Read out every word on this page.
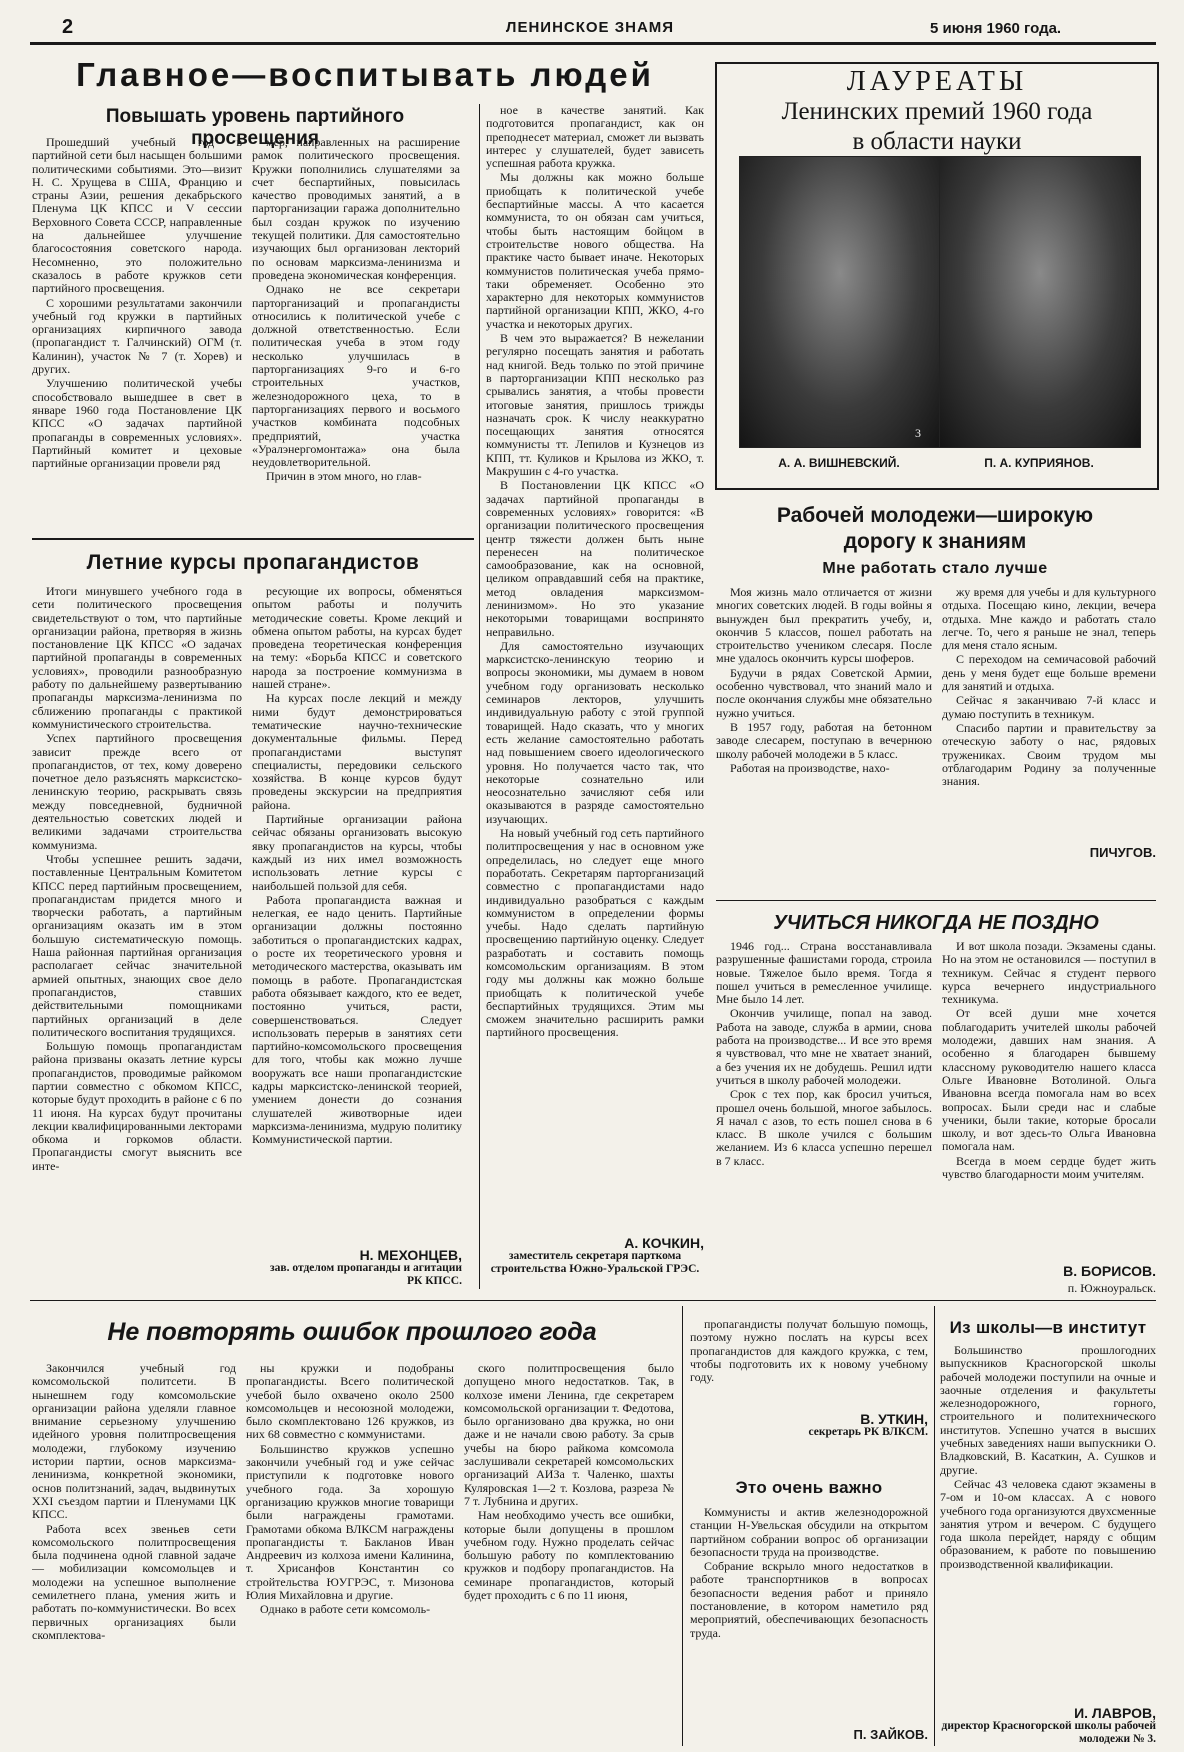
2	ЛЕНИНСКОЕ ЗНАМЯ	5 июня 1960 года.
Главное—воспитывать людей
Повышать уровень партийного просвещения

Прошедший учебный год в партийной сети был насыщен большими политическими событиями. Это—визит Н. С. Хрущева в США, Францию и страны Азии, решения декабрьского Пленума ЦК КПСС и V сессии Верховного Совета СССР, направленные на дальнейшее улучшение благосостояния советского народа. Несомненно, это положительно сказалось в работе кружков сети партийного просвещения.

С хорошими результатами закончили учебный год кружки в партийных организациях кирпичного завода (пропагандист т. Галчинский) ОГМ (т. Калинин), участок № 7 (т. Хорев) и других.

Улучшению политической учебы способствовало вышедшее в свет в январе 1960 года Постановление ЦК КПСС «О задачах партийной пропаганды в современных условиях». Партийный комитет и цеховые партийные организации провели ряд

мер, направленных на расширение рамок политического просвещения. Кружки пополнились слушателями за счет беспартийных, повысилась качество проводимых занятий, а в парторганизации гаража дополнительно был создан кружок по изучению текущей политики. Для самостоятельно изучающих был организован лекторий по основам марксизма-ленинизма и проведена экономическая конференция.

Однако не все секретари парторганизаций и пропагандисты относились к политической учебе с должной ответственностью. Если политическая учеба в этом году несколько улучшилась в парторганизациях 9-го и 6-го строительных участков, железнодорожного цеха, то в парторганизациях первого и восьмого участков комбината подсобных предприятий, участка «Уралэнергомонтажа» она была неудовлетворительной.

Причин в этом много, но глав-

ное в качестве занятий. Как подготовится пропагандист, как он преподнесет материал, сможет ли вызвать интерес у слушателей, будет зависеть успешная работа кружка.

Мы должны как можно больше приобщать к политической учебе беспартийные массы. А что касается коммуниста, то он обязан сам учиться, чтобы быть настоящим бойцом в строительстве нового общества. На практике часто бывает иначе. Некоторых коммунистов политическая учеба прямо-таки обременяет. Особенно это характерно для некоторых коммунистов партийной организации КПП, ЖКО, 4-го участка и некоторых других.

В чем это выражается? В нежелании регулярно посещать занятия и работать над книгой. Ведь только по этой причине в парторганизации КПП несколько раз срывались занятия, а чтобы провести итоговые занятия, пришлось трижды назначать срок. К числу неаккуратно посещающих занятия относятся коммунисты тт. Лепилов и Кузнецов из КПП, тт. Куликов и Крылова из ЖКО, т. Макрушин с 4-го участка.

В Постановлении ЦК КПСС «О задачах партийной пропаганды в современных условиях» говорится: «В организации политического просвещения центр тяжести должен быть ныне перенесен на политическое самообразование, как на основной, целиком оправдавший себя на практике, метод овладения марксизмом-ленинизмом». Но это указание некоторыми товарищами воспринято неправильно.

Для самостоятельно изучающих марксистско-ленинскую теорию и вопросы экономики, мы думаем в новом учебном году организовать несколько семинаров лекторов, улучшить индивидуальную работу с этой группой товарищей. Надо сказать, что у многих есть желание самостоятельно работать над повышением своего идеологического уровня. Но получается часто так, что некоторые сознательно или неосознательно зачисляют себя или оказываются в разряде самостоятельно изучающих.

На новый учебный год сеть партийного политпросвещения у нас в основном уже определилась, но следует еще много поработать. Секретарям парторганизаций совместно с пропагандистами надо индивидуально разобраться с каждым коммунистом в определении формы учебы. Надо сделать партийную просвещению партийную оценку. Следует разработать и составить помощь комсомольским организациям. В этом году мы должны как можно больше приобщать к политической учебе беспартийных трудящихся. Этим мы сможем значительно расширить рамки партийного просвещения.

А. КОЧКИН,

заместитель секретаря парткома строительства Южно-Уральской ГРЭС.

Летние курсы пропагандистов

Итоги минувшего учебного года в сети политического просвещения свидетельствуют о том, что партийные организации района, претворяя в жизнь постановление ЦК КПСС «О задачах партийной пропаганды в современных условиях», проводили разнообразную работу по дальнейшему развертыванию пропаганды марксизма-ленинизма по сближению пропаганды с практикой коммунистического строительства.

Успех партийного просвещения зависит прежде всего от пропагандистов, от тех, кому доверено почетное дело разъяснять марксистско-ленинскую теорию, раскрывать связь между повседневной, будничной деятельностью советских людей и великими задачами строительства коммунизма.

Чтобы успешнее решить задачи, поставленные Центральным Комитетом КПСС перед партийным просвещением, пропагандистам придется много и творчески работать, а партийным организациям оказать им в этом большую систематическую помощь. Наша районная партийная организация располагает сейчас значительной армией опытных, знающих свое дело пропагандистов, ставших действительными помощниками партийных организаций в деле политического воспитания трудящихся.

Большую помощь пропагандистам района призваны оказать летние курсы пропагандистов, проводимые райкомом партии совместно с обкомом КПСС, которые будут проходить в районе с 6 по 11 июня. На курсах будут прочитаны лекции квалифицированными лекторами обкома и горкомов области. Пропагандисты смогут выяснить все инте-

ресующие их вопросы, обменяться опытом работы и получить методические советы. Кроме лекций и обмена опытом работы, на курсах будет проведена теоретическая конференция на тему: «Борьба КПСС и советского народа за построение коммунизма в нашей стране».

На курсах после лекций и между ними будут демонстрироваться тематические научно-технические документальные фильмы. Перед пропагандистами выступят специалисты, передовики сельского хозяйства. В конце курсов будут проведены экскурсии на предприятия района.

Партийные организации района сейчас обязаны организовать высокую явку пропагандистов на курсы, чтобы каждый из них имел возможность использовать летние курсы с наибольшей пользой для себя.

Работа пропагандиста важная и нелегкая, ее надо ценить. Партийные организации должны постоянно заботиться о пропагандистских кадрах, о росте их теоретического уровня и методического мастерства, оказывать им помощь в работе. Пропагандистская работа обязывает каждого, кто ее ведет, постоянно учиться, расти, совершенствоваться. Следует использовать перерыв в занятиях сети партийно-комсомольского просвещения для того, чтобы как можно лучше вооружать все наши пропагандистские кадры марксистско-ленинской теорией, умением донести до сознания слушателей животворные идеи марксизма-ленинизма, мудрую политику Коммунистической партии.

Н. МЕХОНЦЕВ,

зав. отделом пропаганды и агитации РК КПСС.

ЛАУРЕАТЫ
Ленинских премий 1960 года
в области науки
3
А. А. ВИШНЕВСКИЙ.	П. А. КУПРИЯНОВ.
Рабочей молодежи—широкую
дорогу к знаниям
Мне работать стало лучше

Моя жизнь мало отличается от жизни многих советских людей. В годы войны я вынужден был прекратить учебу, и, окончив 5 классов, пошел работать на строительство учеником слесаря. После мне удалось окончить курсы шоферов.

Будучи в рядах Советской Армии, особенно чувствовал, что знаний мало и после окончания службы мне обязательно нужно учиться.

В 1957 году, работая на бетонном заводе слесарем, поступаю в вечернюю школу рабочей молодежи в 5 класс.

Работая на производстве, нахо-

жу время для учебы и для культурного отдыха. Посещаю кино, лекции, вечера отдыха. Мне каждо и работать стало легче. То, чего я раньше не знал, теперь для меня стало ясным.

С переходом на семичасовой рабочий день у меня будет еще больше времени для занятий и отдыха.

Сейчас я заканчиваю 7-й класс и думаю поступить в техникум.

Спасибо партии и правительству за отеческую заботу о нас, рядовых тружениках. Своим трудом мы отблагодарим Родину за полученные знания.

ПИЧУГОВ.

УЧИТЬСЯ НИКОГДА НЕ ПОЗДНО

1946 год... Страна восстанавливала разрушенные фашистами города, строила новые. Тяжелое было время. Тогда я пошел учиться в ремесленное училище. Мне было 14 лет.

Окончив училище, попал на завод. Работа на заводе, служба в армии, снова работа на производстве... И все это время я чувствовал, что мне не хватает знаний, а без учения их не добудешь. Решил идти учиться в школу рабочей молодежи.

Срок с тех пор, как бросил учиться, прошел очень большой, многое забылось. Я начал с азов, то есть пошел снова в 6 класс. В школе учился с большим желанием. Из 6 класса успешно перешел в 7 класс.

И вот школа позади. Экзамены сданы. Но на этом не остановился — поступил в техникум. Сейчас я студент первого курса вечернего индустриального техникума.

От всей души мне хочется поблагодарить учителей школы рабочей молодежи, давших нам знания. А особенно я благодарен бывшему классному руководителю нашего класса Ольге Ивановне Вотолиной. Ольга Ивановна всегда помогала нам во всех вопросах. Были среди нас и слабые ученики, были такие, которые бросали школу, и вот здесь-то Ольга Ивановна помогала нам.

Всегда в моем сердце будет жить чувство благодарности моим учителям.

В. БОРИСОВ.

п. Южноуральск.

Не повторять ошибок прошлого года

Закончился учебный год комсомольской политсети. В нынешнем году комсомольские организации района уделяли главное внимание серьезному улучшению идейного уровня политпросвещения молодежи, глубокому изучению истории партии, основ марксизма-ленинизма, конкретной экономики, основ политзнаний, задач, выдвинутых XXI съездом партии и Пленумами ЦК КПСС.

Работа всех звеньев сети комсомольского политпросвещения была подчинена одной главной задаче — мобилизации комсомольцев и молодежи на успешное выполнение семилетнего плана, умения жить и работать по-коммунистически. Во всех первичных организациях были скомплектова-

ны кружки и подобраны пропагандисты. Всего политической учебой было охвачено около 2500 комсомольцев и несоюзной молодежи, было скомплектовано 126 кружков, из них 68 совместно с коммунистами.

Большинство кружков успешно закончили учебный год и уже сейчас приступили к подготовке нового учебного года. За хорошую организацию кружков многие товарищи были награждены грамотами. Грамотами обкома ВЛКСМ награждены пропагандисты т. Бакланов Иван Андреевич из колхоза имени Калинина, т. Хрисанфов Константин со стройтельства ЮУГРЭС, т. Мизонова Юлия Михайловна и другие.

Однако в работе сети комсомоль-

ского политпросвещения было допущено много недостатков. Так, в колхозе имени Ленина, где секретарем комсомольской организации т. Федотова, было организовано два кружка, но они даже и не начали свою работу. За срыв учебы на бюро райкома комсомола заслушивали секретарей комсомольских организаций АИЗа т. Чаленко, шахты Куляровская 1—2 т. Козлова, разреза № 7 т. Лубнина и других.

Нам необходимо учесть все ошибки, которые были допущены в прошлом учебном году. Нужно проделать сейчас большую работу по комплектованию кружков и подбору пропагандистов. На семинаре пропагандистов, который будет проходить с 6 по 11 июня,

пропагандисты получат большую помощь, поэтому нужно послать на курсы всех пропагандистов для каждого кружка, с тем, чтобы подготовить их к новому учебному году.

В. УТКИН,

секретарь РК ВЛКСМ.

Это очень важно

Коммунисты и актив железнодорожной станции Н-Увельская обсудили на открытом партийном собрании вопрос об организации безопасности труда на производстве.

Собрание вскрыло много недостатков в работе транспортников в вопросах безопасности ведения работ и приняло постановление, в котором наметило ряд мероприятий, обеспечивающих безопасность труда.

П. ЗАЙКОВ.

Из школы—в институт

Большинство прошлогодних выпускников Красногорской школы рабочей молодежи поступили на очные и заочные отделения и факультеты железнодорожного, горного, строительного и политехнического институтов. Успешно учатся в высших учебных заведениях наши выпускники О. Владковский, В. Касаткин, А. Сушков и другие.

Сейчас 43 человека сдают экзамены в 7-ом и 10-ом классах. А с нового учебного года организуются двухсменные занятия утром и вечером. С будущего года школа перейдет, наряду с общим образованием, к работе по повышению производственной квалификации.

И. ЛАВРОВ,

директор Красногорской школы рабочей молодежи № 3.
